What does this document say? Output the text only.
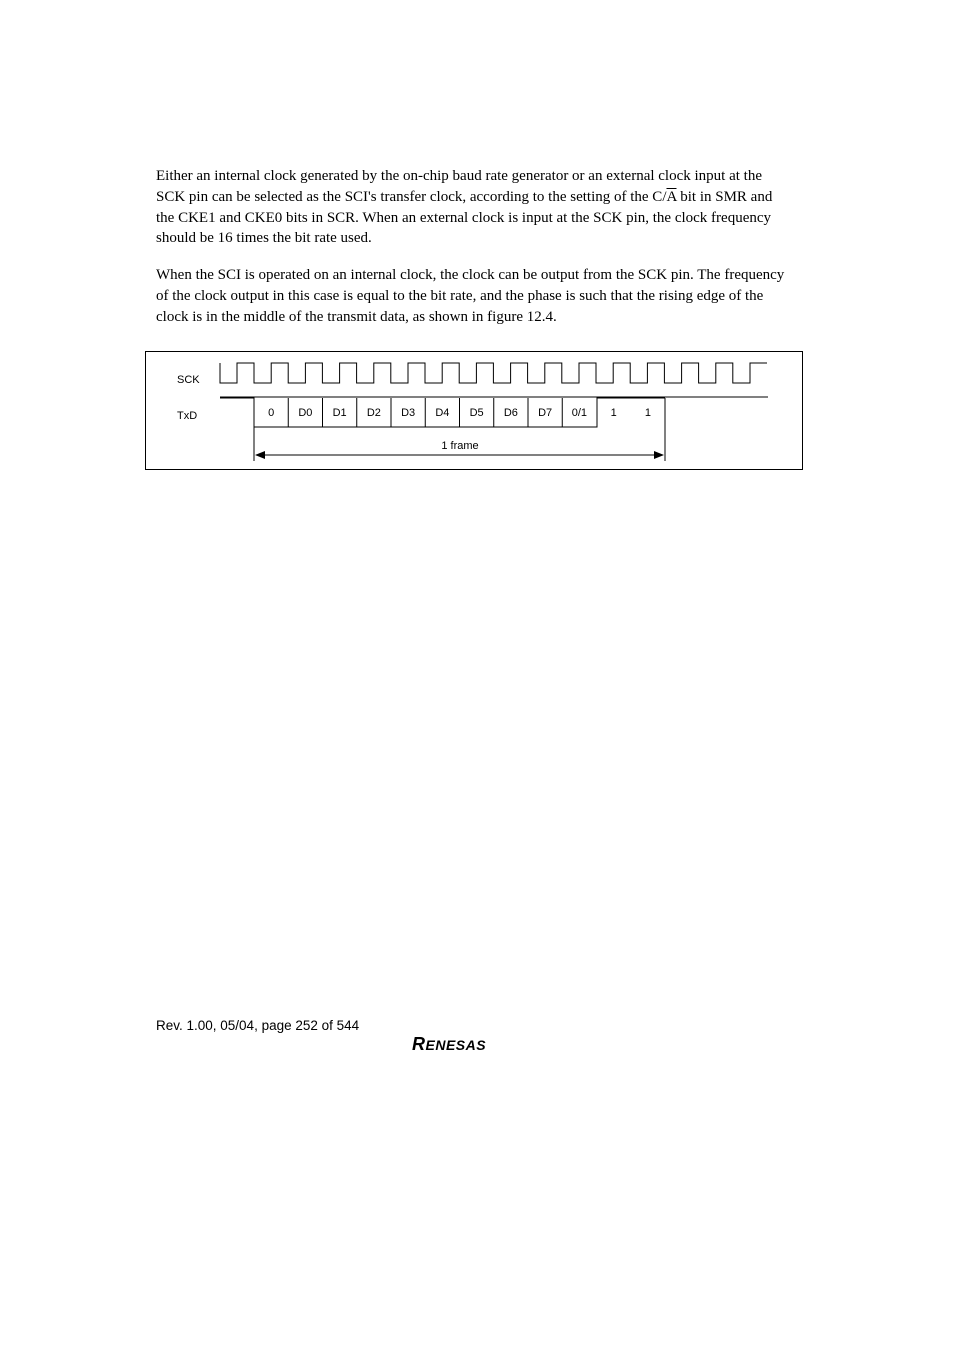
Either an internal clock generated by the on-chip baud rate generator or an external clock input at the SCK pin can be selected as the SCI's transfer clock, according to the setting of the $C/\overline{A}$ bit in SMR and the CKE1 and CKE0 bits in SCR. When an external clock is input at the SCK pin, the clock frequency should be 16 times the bit rate used.

When the SCI is operated on an internal clock, the clock can be output from the SCK pin. The frequency of the clock output in this case is equal to the bit rate, and the phase is such that the rising edge of the clock is in the middle of the transmit data, as shown in figure 12.4.

SCK
TxD	0 D0 D1 D2 D3 D4 D5 D6 D7 0/1 1	1
1 frame
Rev. 1.00, 05/04, page 252 of 544
RENESAS
